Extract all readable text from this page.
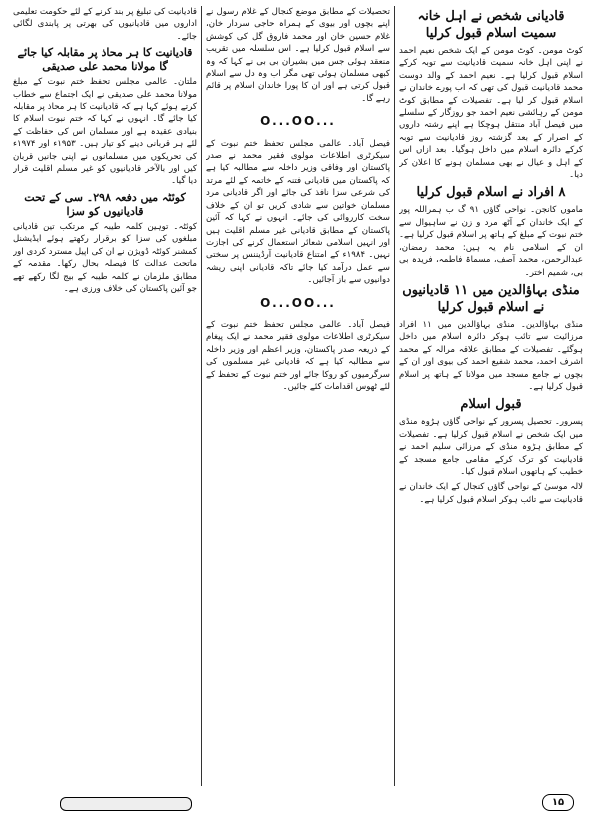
قادیانی شخص نے اہل خانہ سمیت اسلام قبول کرلیا

کوٹ مومن۔ کوٹ مومن کے ایک شخص نعیم احمد نے اپنی اہل خانہ سمیت قادیانیت سے توبہ کرکے اسلام قبول کرلیا ہے۔ نعیم احمد کے والد دوست محمد قادیانیت قبول کی تھی کہ اب پورے خاندان نے اسلام قبول کر لیا ہے۔ تفصیلات کے مطابق کوٹ مومن کے رہائشی نعیم احمد جو روزگار کے سلسلے میں فیصل آباد منتقل ہوچکا ہے اپنے رشتہ داروں کے اصرار کے بعد گزشتہ روز قادیانیت سے توبہ کرکے دائرہ اسلام میں داخل ہوگیا۔ بعد ازاں اس کے اہل و عیال نے بھی مسلمان ہونے کا اعلان کر دیا۔

۸ افراد نے اسلام قبول کرلیا

ماموں کانجن۔ نواحی گاؤں ۹۱ گ ب ہمراللہ پور کے ایک خاندان کے آٹھ مرد و زن نے ساہیوال سے ختم نبوت کے مبلغ کے ہاتھ پر اسلام قبول کرلیا ہے۔ ان کے اسلامی نام یہ ہیں: محمد رمضان، عبدالرحمن، محمد آصف، مسماۃ فاطمہ، فریدہ بی بی، شمیم اختر۔

منڈی بہاؤالدین میں ۱۱ قادیانیوں نے اسلام قبول کرلیا

منڈی بہاؤالدین۔ منڈی بہاؤالدین میں ۱۱ افراد مرزائیت سے تائب ہوکر دائرہ اسلام میں داخل ہوگئے۔ تفصیلات کے مطابق علاقہ مرالہ کے محمد اشرف احمد، محمد شفیع احمد کی بیوی اور ان کے بچوں نے جامع مسجد میں مولانا کے ہاتھ پر اسلام قبول کرلیا ہے۔

قبول اسلام

پسرور۔ تحصیل پسرور کے نواحی گاؤں ہڑوہ منڈی میں ایک شخص نے اسلام قبول کرلیا ہے۔ تفصیلات کے مطابق ہڑوہ منڈی کے مرزائی سلیم احمد نے قادیانیت کو ترک کرکے مقامی جامع مسجد کے خطیب کے ہاتھوں اسلام قبول کیا۔

لالہ موسیٰ کے نواحی گاؤں کنجال کے ایک خاندان نے قادیانیت سے تائب ہوکر اسلام قبول کرلیا ہے۔

تحصیلات کے مطابق موضع کنجال کے غلام رسول نے اپنے بچوں اور بیوی کے ہمراہ حاجی سردار خان، غلام حسین خان اور محمد فاروق گل کی کوشش سے اسلام قبول کرلیا ہے۔ اس سلسلہ میں تقریب منعقد ہوئی جس میں بشیران بی بی نے کہا کہ وہ کبھی مسلمان ہوئی تھی مگر اب وہ دل سے اسلام قبول کرتی ہے اور ان کا پورا خاندان اسلام پر قائم رہے گا۔

...O...OO

فیصل آباد۔ عالمی مجلس تحفظ ختم نبوت کے سیکرٹری اطلاعات مولوی فقیر محمد نے صدر پاکستان اور وفاقی وزیر داخلہ سے مطالبہ کیا ہے کہ پاکستان میں قادیانی فتنہ کے خاتمہ کے لئے مرتد کی شرعی سزا نافذ کی جائے اور اگر قادیانی مرد مسلمان خواتین سے شادی کریں تو ان کے خلاف سخت کارروائی کی جائے۔ انہوں نے کہا کہ آئین پاکستان کے مطابق قادیانی غیر مسلم اقلیت ہیں اور انہیں اسلامی شعائر استعمال کرنے کی اجازت نہیں۔ ۱۹۸۴ء کے امتناع قادیانیت آرڈیننس پر سختی سے عمل درآمد کیا جائے تاکہ قادیانی اپنی ریشہ دوانیوں سے باز آجائیں۔

...O...OO

فیصل آباد۔ عالمی مجلس تحفظ ختم نبوت کے سیکرٹری اطلاعات مولوی فقیر محمد نے ایک پیغام کے ذریعہ صدر پاکستان، وزیر اعظم اور وزیر داخلہ سے مطالبہ کیا ہے کہ قادیانی غیر مسلموں کی سرگرمیوں کو روکا جائے اور ختم نبوت کے تحفظ کے لئے ٹھوس اقدامات کئے جائیں۔

قادیانیت کی تبلیغ پر بند کرنے کے لئے حکومت تعلیمی اداروں میں قادیانیوں کی بھرتی پر پابندی لگائی جائے۔

قادیانیت کا ہر محاذ پر مقابلہ کیا جائے گا مولانا محمد علی صدیقی

ملتان۔ عالمی مجلس تحفظ ختم نبوت کے مبلغ مولانا محمد علی صدیقی نے ایک اجتماع سے خطاب کرتے ہوئے کہا ہے کہ قادیانیت کا ہر محاذ پر مقابلہ کیا جائے گا۔ انہوں نے کہا کہ ختم نبوت اسلام کا بنیادی عقیدہ ہے اور مسلمان اس کی حفاظت کے لئے ہر قربانی دینے کو تیار ہیں۔ ۱۹۵۳ء اور ۱۹۷۴ء کی تحریکوں میں مسلمانوں نے اپنی جانیں قربان کیں اور بالآخر قادیانیوں کو غیر مسلم اقلیت قرار دیا گیا۔

کوئٹہ میں دفعہ ۲۹۸۔ سی کے تحت قادیانیوں کو سزا

کوئٹہ۔ توہین کلمہ طیبہ کے مرتکب تین قادیانی مبلغوں کی سزا کو برقرار رکھتے ہوئے ایڈیشنل کمشنر کوئٹہ ڈویژن نے ان کی اپیل مسترد کردی اور ماتحت عدالت کا فیصلہ بحال رکھا۔ مقدمہ کے مطابق ملزمان نے کلمہ طیبہ کے بیج لگا رکھے تھے جو آئین پاکستان کی خلاف ورزی ہے۔

۱۵
